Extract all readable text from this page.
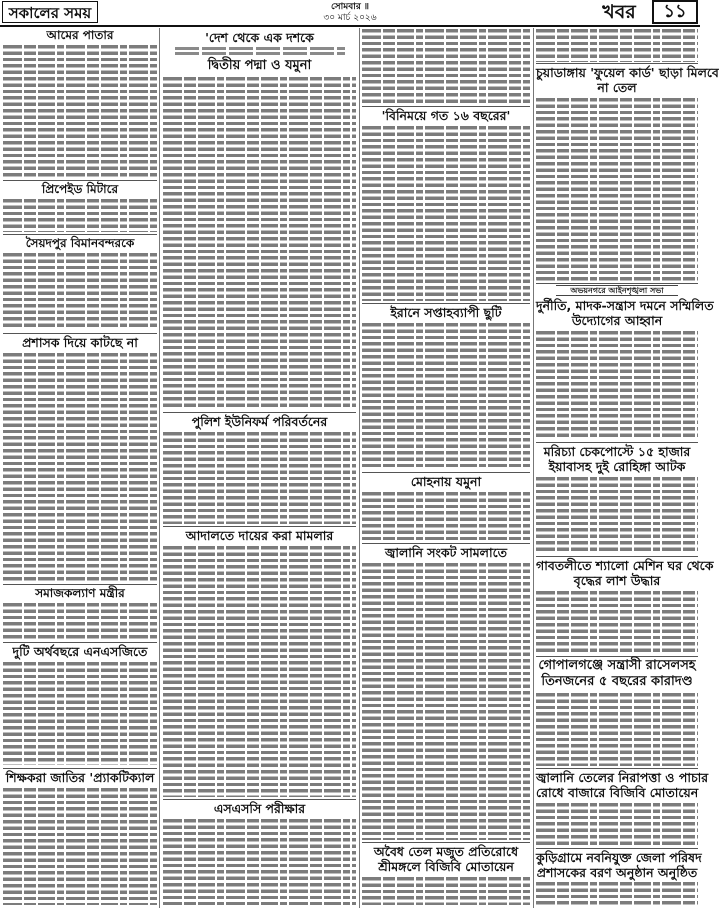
সকালের সময়	সোমবার ॥
৩০ মার্চ ২০২৬	খবর	১১
আমের পাতার
প্রিপেইড মিটারে
সৈয়দপুর বিমানবন্দরকে
প্রশাসক দিয়ে কাটছে না
সমাজকল্যাণ মন্ত্রীর
দুটি অর্থবছরে এনএসজিতে
শিক্ষকরা জাতির 'প্র্যাকটিক্যাল
'দেশ থেকে এক দশকে
দ্বিতীয় পদ্মা ও যমুনা
পুলিশ ইউনিফর্ম পরিবর্তনের
আদালতে দায়ের করা মামলার
এসএসসি পরীক্ষার
'বিনিময়ে গত ১৬ বছরের'
ইরানে সপ্তাহব্যাপী ছুটি
মোহনায় যমুনা
জ্বালানি সংকট সামলাতে
অবৈধ তেল মজুত প্রতিরোধে
শ্রীমঙ্গলে বিজিবি মোতায়েন
চুয়াডাঙ্গায় 'ফুয়েল কার্ড' ছাড়া মিলবে
না তেল
অভয়নগরে আইনশৃঙ্খলা সভা
দুর্নীতি, মাদক-সন্ত্রাস দমনে সম্মিলিত
উদ্যোগের আহ্বান
মরিচ্যা চেকপোস্টে ১৫ হাজার
ইয়াবাসহ দুই রোহিঙ্গা আটক
গাবতলীতে শ্যালো মেশিন ঘর থেকে
বৃদ্ধের লাশ উদ্ধার
গোপালগঞ্জে সন্ত্রাসী রাসেলসহ
তিনজনের ৫ বছরের কারাদণ্ড
জ্বালানি তেলের নিরাপত্তা ও পাচার
রোধে বাজারে বিজিবি মোতায়েন
কুড়িগ্রামে নবনিযুক্ত জেলা পরিষদ
প্রশাসকের বরণ অনুষ্ঠান অনুষ্ঠিত
